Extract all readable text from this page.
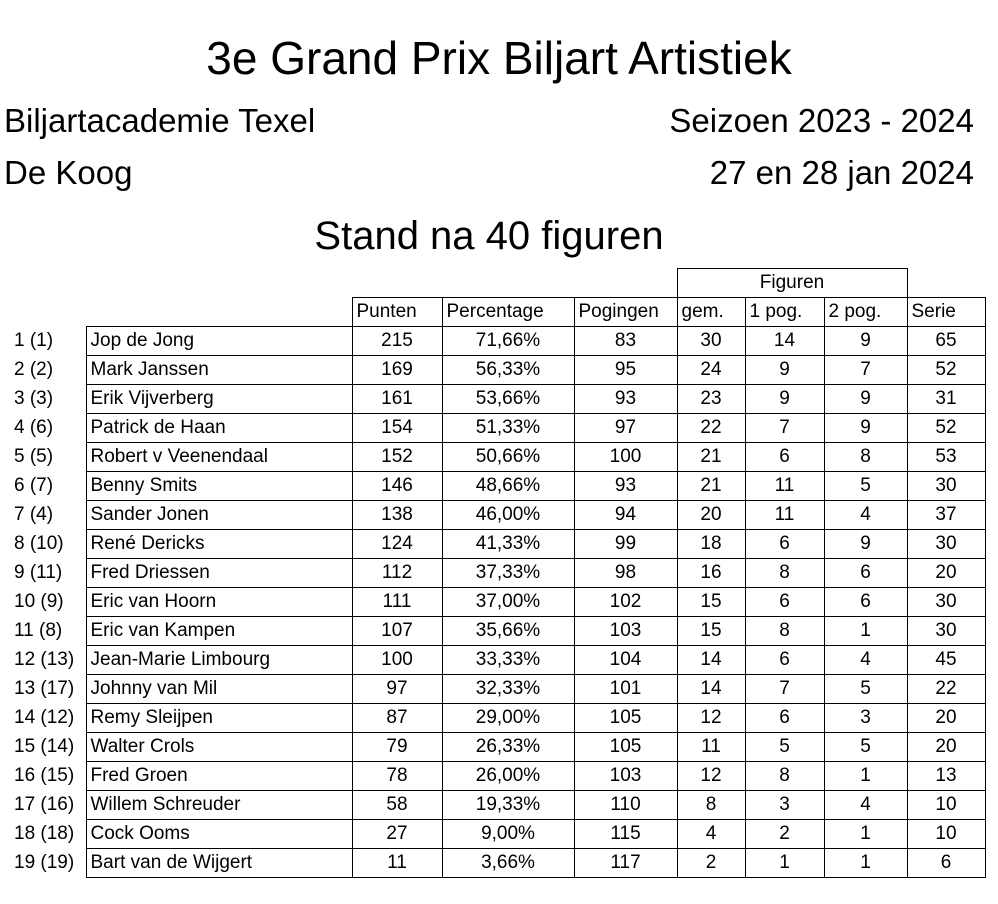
3e Grand Prix Biljart Artistiek
Biljartacademie Texel	Seizoen 2023 - 2024
De Koog	27 en 28 jan 2024
Stand na 40 figuren
					Figuren			
		Punten	Percentage	Pogingen	gem.	1 pog.	2 pog.	Serie
1 (1)	Jop de Jong	215	71,66%	83	30	14	9	65
2 (2)	Mark Janssen	169	56,33%	95	24	9	7	52
3 (3)	Erik Vijverberg	161	53,66%	93	23	9	9	31
4 (6)	Patrick de Haan	154	51,33%	97	22	7	9	52
5 (5)	Robert v Veenendaal	152	50,66%	100	21	6	8	53
6 (7)	Benny Smits	146	48,66%	93	21	11	5	30
7 (4)	Sander Jonen	138	46,00%	94	20	11	4	37
8 (10)	René Dericks	124	41,33%	99	18	6	9	30
9 (11)	Fred Driessen	112	37,33%	98	16	8	6	20
10 (9)	Eric van Hoorn	111	37,00%	102	15	6	6	30
11 (8)	Eric van Kampen	107	35,66%	103	15	8	1	30
12 (13)	Jean-Marie Limbourg	100	33,33%	104	14	6	4	45
13 (17)	Johnny van Mil	97	32,33%	101	14	7	5	22
14 (12)	Remy Sleijpen	87	29,00%	105	12	6	3	20
15 (14)	Walter Crols	79	26,33%	105	11	5	5	20
16 (15)	Fred Groen	78	26,00%	103	12	8	1	13
17 (16)	Willem Schreuder	58	19,33%	110	8	3	4	10
18 (18)	Cock Ooms	27	9,00%	115	4	2	1	10
19 (19)	Bart van de Wijgert	11	3,66%	117	2	1	1	6
